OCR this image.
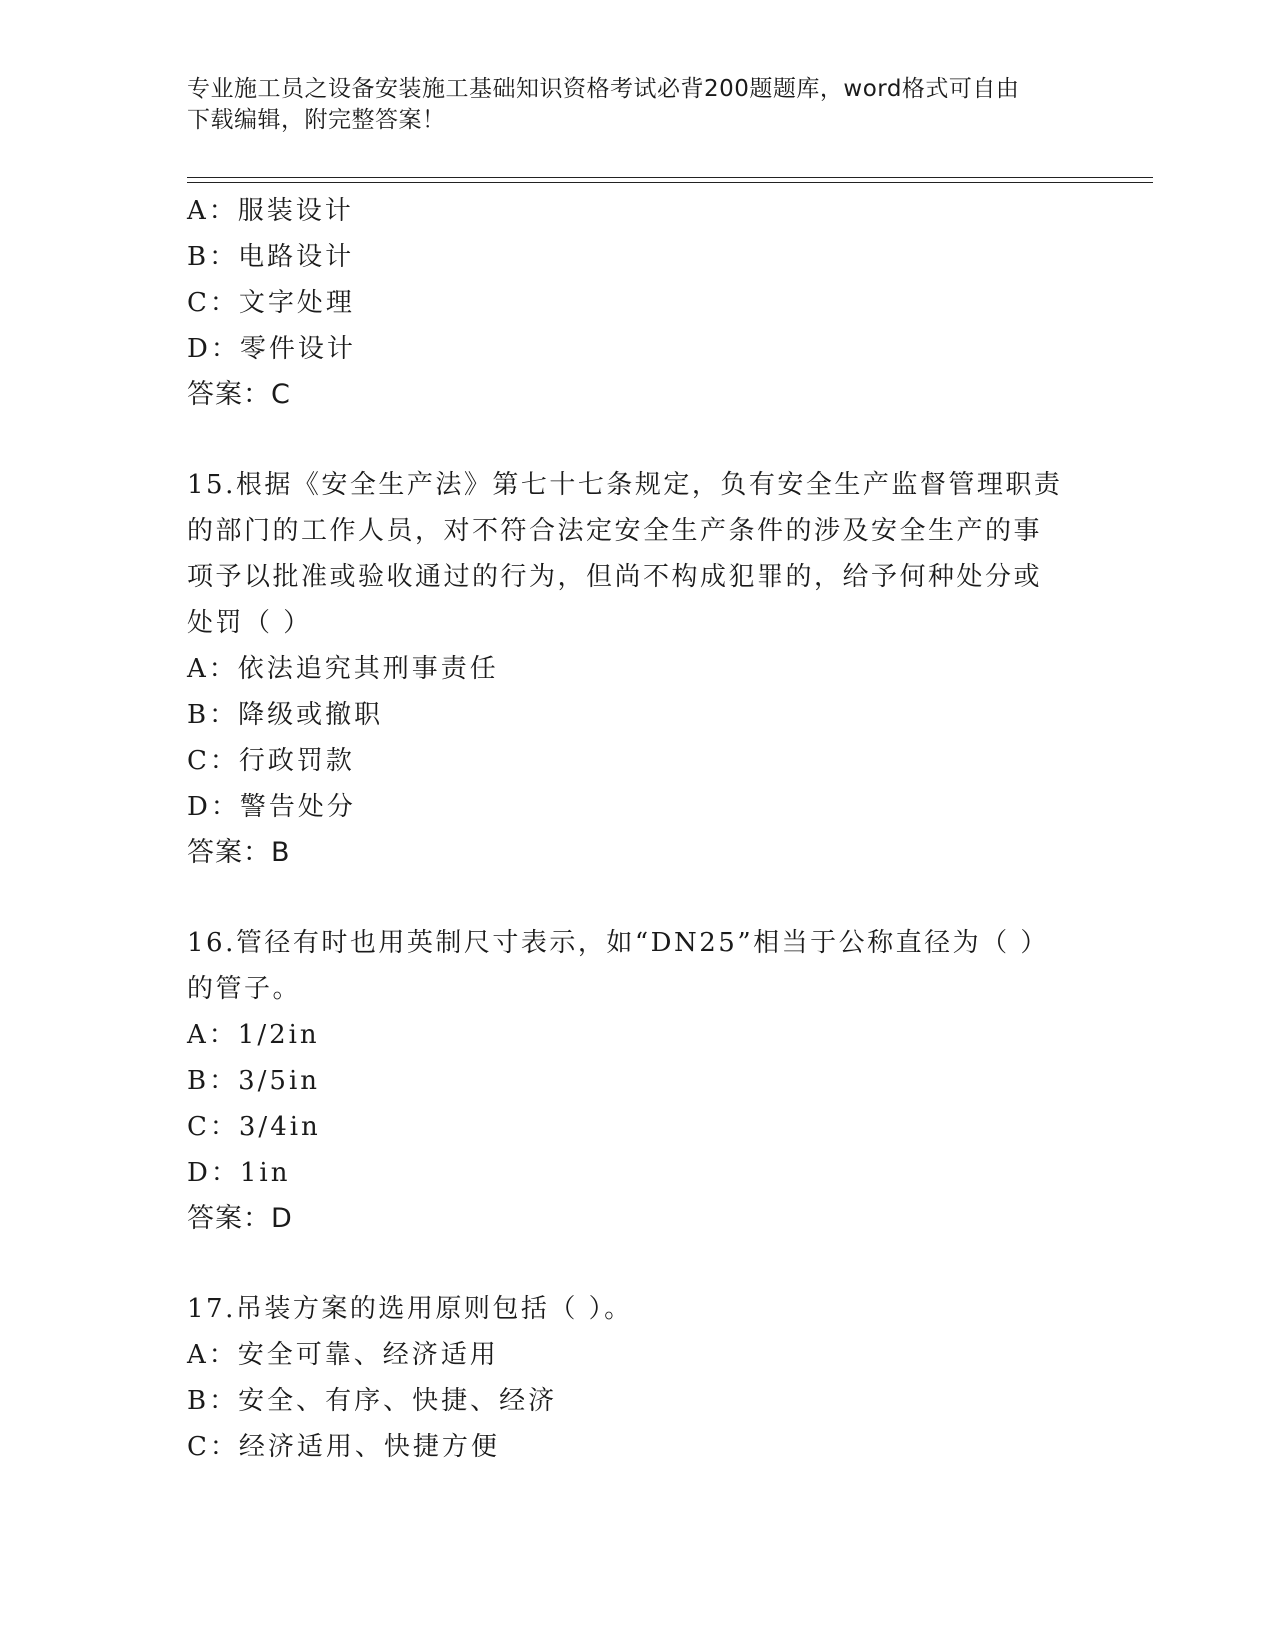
专业施工员之设备安装施工基础知识资格考试必背200题题库，word格式可自由
下载编辑，附完整答案！
A：服装设计
B：电路设计
C：文字处理
D：零件设计
答案：C
15.根据《安全生产法》第七十七条规定，负有安全生产监督管理职责
的部门的工作人员，对不符合法定安全生产条件的涉及安全生产的事
项予以批准或验收通过的行为，但尚不构成犯罪的，给予何种处分或
处罚（ ）
A：依法追究其刑事责任
B：降级或撤职
C：行政罚款
D：警告处分
答案：B
16.管径有时也用英制尺寸表示，如“DN25”相当于公称直径为（ ）
的管子。
A：1/2in
B：3/5in
C：3/4in
D：1in
答案：D
17.吊装方案的选用原则包括（ ）。
A：安全可靠、经济适用
B：安全、有序、快捷、经济
C：经济适用、快捷方便
